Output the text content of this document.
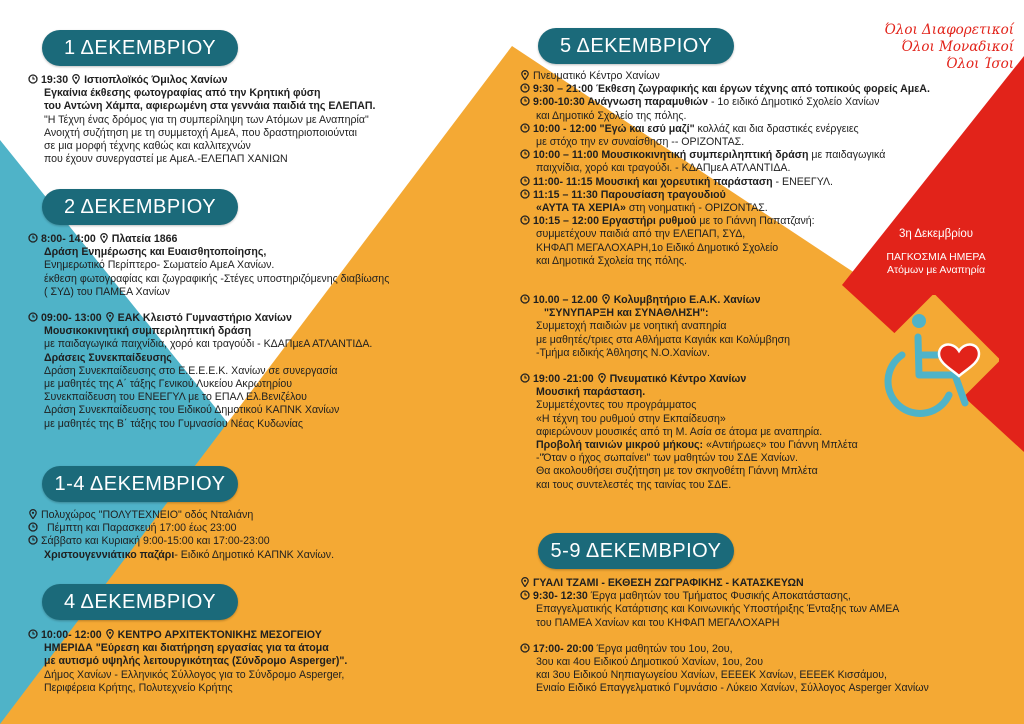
Όλοι Διαφορετικοί
Όλοι Μοναδικοί
Όλοι Ίσοι
3η Δεκεμβρίου
ΠΑΓΚΟΣΜΙΑ ΗΜΕΡΑ
Ατόμων με Αναπηρία
1 ΔΕΚΕΜΒΡΙΟΥ
19:30 Ιστιοπλοϊκός Όμιλος Χανίων
Εγκαίνια έκθεσης φωτογραφίας από την Κρητική φύση
του Αντώνη Χάμπα, αφιερωμένη στα γεννάια παιδιά της ΕΛΕΠΑΠ.
"Η Τέχνη ένας δρόμος για τη συμπερίληψη των Ατόμων με Αναπηρία"
Ανοιχτή συζήτηση με τη συμμετοχή ΑμεΑ, που δραστηριοποιούνται
σε μια μορφή τέχνης καθώς και καλλιτεχνών
που έχουν συνεργαστεί με ΑμεΑ.-ΕΛΕΠΑΠ ΧΑΝΙΩΝ
2 ΔΕΚΕΜΒΡΙΟΥ
8:00- 14:00 Πλατεία 1866
Δράση Ενημέρωσης και Ευαισθητοποίησης,
Ενημερωτικό Περίπτερο- Σωματείο ΑμεΑ Χανίων.
έκθεση φωτογραφίας και ζωγραφικής -Στέγες υποστηριζόμενης διαβίωσης
( ΣΥΔ) του ΠΑΜΕΑ Χανίων
09:00- 13:00 ΕΑΚ Κλειστό Γυμναστήριο Χανίων
Μουσικοκινητική συμπεριληπτική δράση
με παιδαγωγικά παιχνίδια, χορό και τραγούδι - ΚΔΑΠμεΑ ΑΤΛΑΝΤΙΔΑ.
Δράσεις Συνεκπαίδευσης
Δράση Συνεκπαίδευσης στο Ε.Ε.Ε.Ε.Κ. Χανίων σε συνεργασία
με μαθητές της Α΄ τάξης Γενικού Λυκείου Ακρωτηρίου
Συνεκπαίδευση του ΕΝΕΕΓΥΛ με το ΕΠΑΛ Ελ.Βενιζέλου
Δράση Συνεκπαίδευσης του Ειδικού Δημοτικού ΚΑΠΝΚ Χανίων
με μαθητές της Β΄ τάξης του Γυμνασίου Νέας Κυδωνίας
1-4 ΔΕΚΕΜΒΡΙΟΥ
Πολυχώρος "ΠΟΛΥΤΕΧΝΕΙΟ" οδός Νταλιάνη
Πέμπτη και Παρασκευή 17:00 έως 23:00
Σάββατο και Κυριακή 9:00-15:00 και 17:00-23:00
Χριστουγεννιάτικο παζάρι- Ειδικό Δημοτικό ΚΑΠΝΚ Χανίων.
4 ΔΕΚΕΜΒΡΙΟΥ
10:00- 12:00 ΚΕΝΤΡΟ ΑΡΧΙΤΕΚΤΟΝΙΚΗΣ ΜΕΣΟΓΕΙΟΥ
ΗΜΕΡΙΔΑ "Εύρεση και διατήρηση εργασίας για τα άτομα
με αυτισμό υψηλής λειτουργικότητας (Σύνδρομο Asperger)".
Δήμος Χανίων - Ελληνικός Σύλλογος για το Σύνδρομο Asperger,
Περιφέρεια Κρήτης, Πολυτεχνείο Κρήτης
5 ΔΕΚΕΜΒΡΙΟΥ
Πνευματικό Κέντρο Χανίων
9:30 – 21:00 Έκθεση ζωγραφικής και έργων τέχνης από τοπικούς φορείς ΑμεΑ.
9:00-10:30 Ανάγνωση παραμυθιών - 1ο ειδικό Δημοτικό Σχολείο Χανίων
και Δημοτικό Σχολείο της πόλης.
10:00 - 12:00 "Εγώ και εσύ μαζί" κολλάζ και δια δραστικές ενέργειες
με στόχο την εν συναίσθηση -- ΟΡΙΖΟΝΤΑΣ.
10:00 – 11:00 Μουσικοκινητική συμπεριληπτική δράση με παιδαγωγικά
παιχνίδια, χορό και τραγούδι. - ΚΔΑΠμεΑ ΑΤΛΑΝΤΙΔΑ.
11:00- 11:15 Μουσική και χορευτική παράσταση - ΕΝΕΕΓΥΛ.
11:15 – 11:30 Παρουσίαση τραγουδιού
«ΑΥΤΑ ΤΑ ΧΕΡΙΑ» στη νοηματική - ΟΡΙΖΟΝΤΑΣ.
10:15 – 12:00 Εργαστήρι ρυθμού με το Γιάννη Παπατζανή:
συμμετέχουν παιδιά από την ΕΛΕΠΑΠ, ΣΥΔ,
ΚΗΦΑΠ ΜΕΓΑΛΟΧΑΡΗ,1ο Ειδικό Δημοτικό Σχολείο
και Δημοτικά Σχολεία της πόλης.
10.00 – 12.00 Κολυμβητήριο Ε.Α.Κ. Χανίων
"ΣΥΝΥΠΑΡΞΗ και ΣΥΝΑΘΛΗΣΗ":
Συμμετοχή παιδιών με νοητική αναπηρία
με μαθητές/τριες στα Αθλήματα Καγιάκ και Κολύμβηση
-Τμήμα ειδικής Άθλησης Ν.Ο.Χανίων.
19:00 -21:00 Πνευματικό Κέντρο Χανίων
Μουσική παράσταση.
Συμμετέχοντες του προγράμματος
«Η τέχνη του ρυθμού στην Εκπαίδευση»
αφιερώνουν μουσικές από τη Μ. Ασία σε άτομα με αναπηρία.
Προβολή ταινιών μικρού μήκους: «Αντιήρωες» του Γιάννη Μπλέτα
-"Όταν ο ήχος σωπαίνει" των μαθητών του ΣΔΕ Χανίων.
Θα ακολουθήσει συζήτηση με τον σκηνοθέτη Γιάννη Μπλέτα
και τους συντελεστές της ταινίας του ΣΔΕ.
5-9 ΔΕΚΕΜΒΡΙΟΥ
ΓΥΑΛΙ ΤΖΑΜΙ - ΕΚΘΕΣΗ ΖΩΓΡΑΦΙΚΗΣ - ΚΑΤΑΣΚΕΥΩΝ
9:30- 12:30 Έργα μαθητών του Τμήματος Φυσικής Αποκατάστασης,
Επαγγελματικής Κατάρτισης και Κοινωνικής Υποστήριξης Ένταξης των ΑΜΕΑ
του ΠΑΜΕΑ Χανίων και του ΚΗΦΑΠ ΜΕΓΑΛΟΧΑΡΗ
17:00- 20:00 Έργα μαθητών του 1ου, 2ου,
3ου και 4ου Ειδικού Δημοτικού Χανίων, 1ου, 2ου
και 3ου Ειδικού Νηπιαγωγείου Χανίων, ΕΕΕΕΚ Χανίων, ΕΕΕΕΚ Κισσάμου,
Ενιαίο Ειδικό Επαγγελματικό Γυμνάσιο - Λύκειο Χανίων, Σύλλογος Asperger Χανίων
